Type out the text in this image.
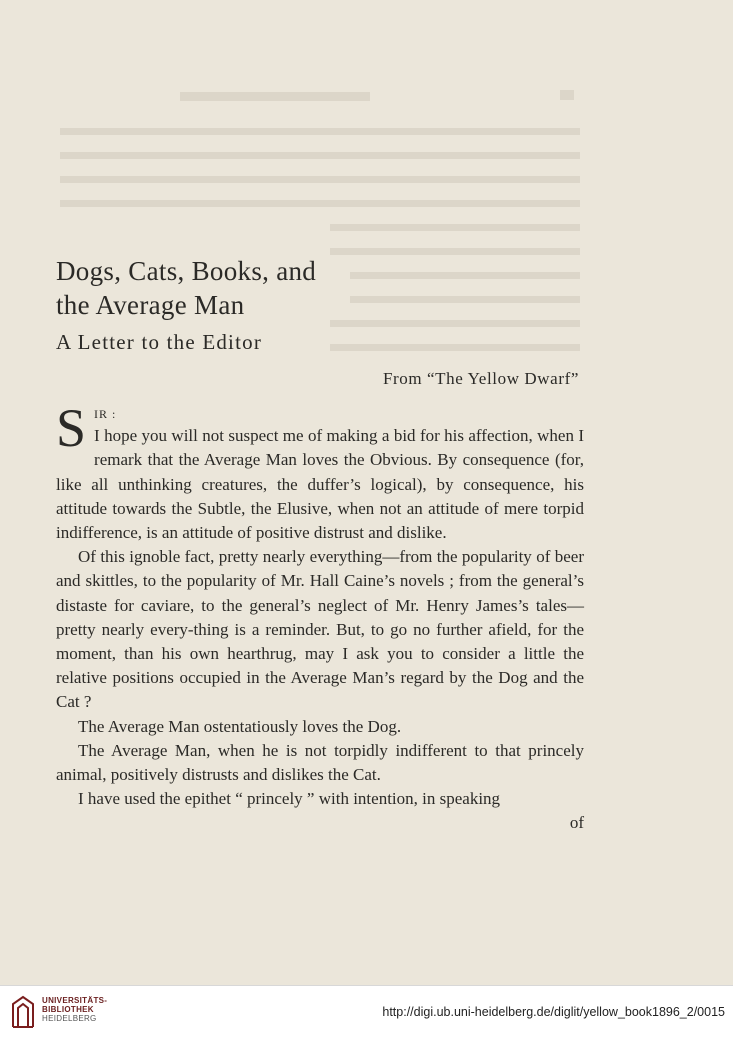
Dogs, Cats, Books, and
the Average Man
A Letter to the Editor
From “The Yellow Dwarf”

S IR :
I hope you will not suspect me of making a bid for his affection, when I remark that the Average Man loves the Obvious. By consequence (for, like all unthinking creatures, the duffer’s logical), by consequence, his attitude towards the Subtle, the Elusive, when not an attitude of mere torpid indifference, is an attitude of positive distrust and dislike.

Of this ignoble fact, pretty nearly everything—from the popularity of beer and skittles, to the popularity of Mr. Hall Caine’s novels ; from the general’s distaste for caviare, to the general’s neglect of Mr. Henry James’s tales—pretty nearly every-thing is a reminder. But, to go no further afield, for the moment, than his own hearthrug, may I ask you to consider a little the relative positions occupied in the Average Man’s regard by the Dog and the Cat ?

The Average Man ostentatiously loves the Dog.

The Average Man, when he is not torpidly indifferent to that princely animal, positively distrusts and dislikes the Cat.

I have used the epithet “ princely ” with intention, in speaking

of

UNIVERSITÄTS-
BIBLIOTHEK
HEIDELBERG	http://digi.ub.uni-heidelberg.de/diglit/yellow_book1896_2/0015
